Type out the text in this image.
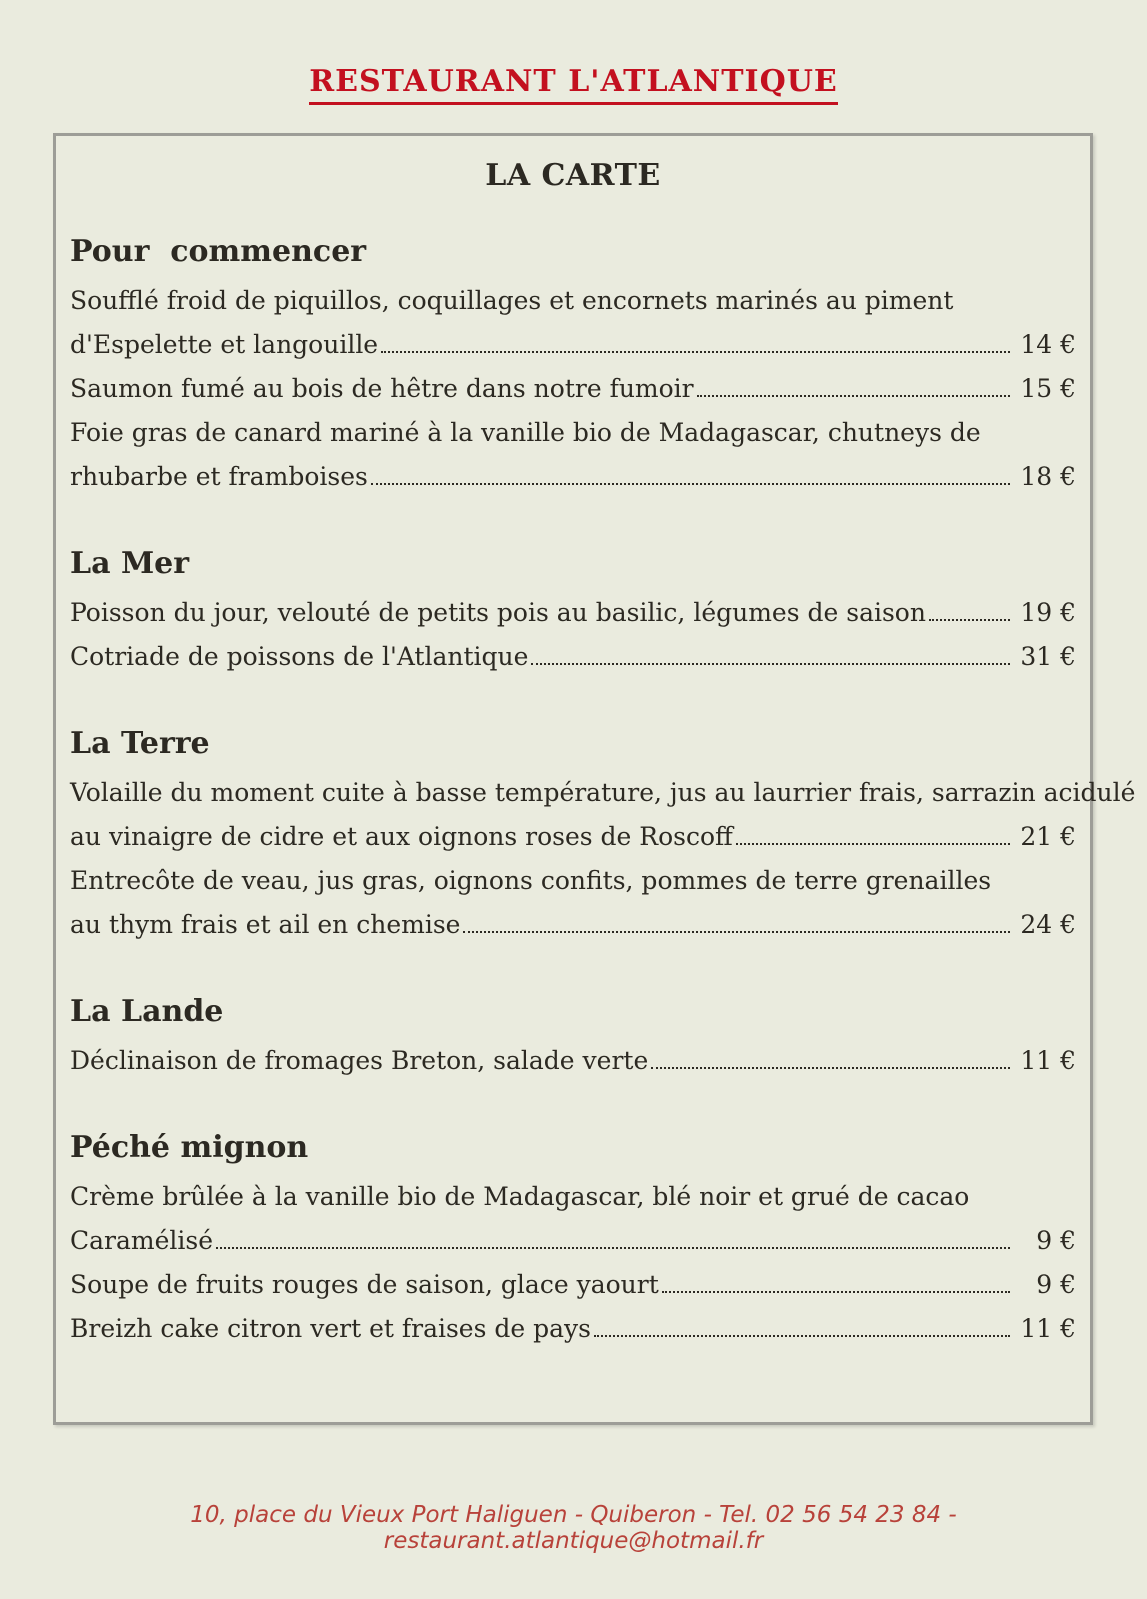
RESTAURANT L'ATLANTIQUE
LA CARTE
Pour  commencer

Soufflé froid de piquillos, coquillages et encornets marinés au piment

d'Espelette et langouille	14 €

Saumon fumé au bois de hêtre dans notre fumoir	15 €

Foie gras de canard mariné à la vanille bio de Madagascar, chutneys de

rhubarbe et framboises	18 €

La Mer

Poisson du jour, velouté de petits pois au basilic, légumes de saison	19 €

Cotriade de poissons de l'Atlantique	31 €

La Terre

Volaille du moment cuite à basse température, jus au laurrier frais, sarrazin acidulé

au vinaigre de cidre et aux oignons roses de Roscoff	21 €

Entrecôte de veau, jus gras, oignons confits, pommes de terre grenailles

au thym frais et ail en chemise	24 €

La Lande

Déclinaison de fromages Breton, salade verte	11 €

Péché mignon

Crème brûlée à la vanille bio de Madagascar, blé noir et grué de cacao

Caramélisé	9 €

Soupe de fruits rouges de saison, glace yaourt	9 €

Breizh cake citron vert et fraises de pays	11 €

10, place du Vieux Port Haliguen - Quiberon - Tel. 02 56 54 23 84 - restaurant.atlantique@hotmail.fr
